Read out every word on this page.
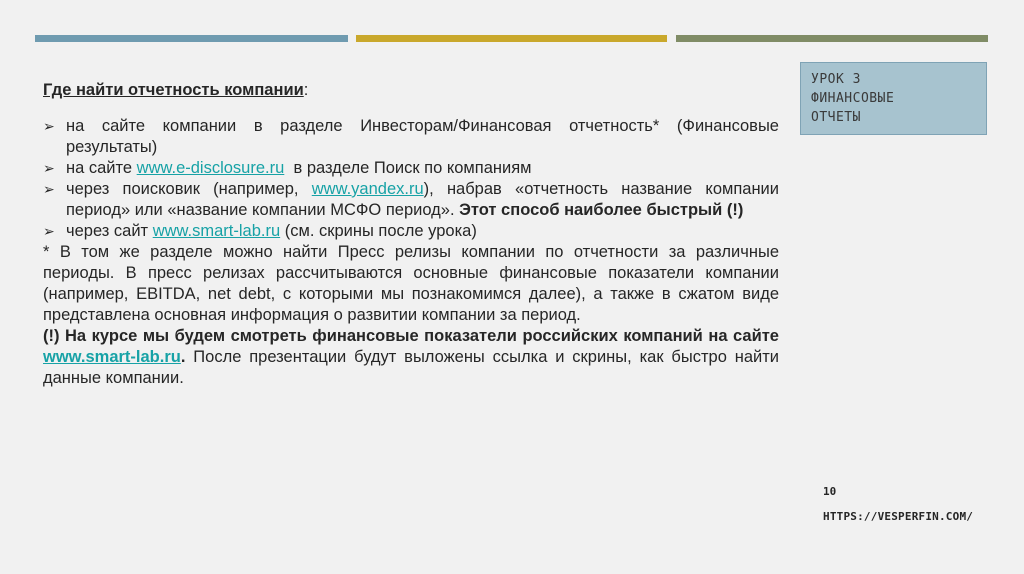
УРОК 3
ФИНАНСОВЫЕ
ОТЧЕТЫ
Где найти отчетность компании:
➢ на сайте компании в разделе Инвесторам/Финансовая отчетность* (Финансовые результаты)
➢ на сайте www.e-disclosure.ru  в разделе Поиск по компаниям
➢ через поисковик (например, www.yandex.ru), набрав «отчетность название компании период» или «название компании МСФО период». Этот способ наиболее быстрый (!)
➢ через сайт www.smart-lab.ru (см. скрины после урока)

* В том же разделе можно найти Пресс релизы компании по отчетности за различные периоды. В пресс релизах рассчитываются основные финансовые показатели компании (например, EBITDA, net debt, с которыми мы познакомимся далее), а также в сжатом виде представлена основная информация о развитии компании за период.

(!) На курсе мы будем смотреть финансовые показатели российских компаний на сайте www.smart-lab.ru. После презентации будут выложены ссылка и скрины, как быстро найти данные компании.

10
HTTPS://VESPERFIN.COM/
